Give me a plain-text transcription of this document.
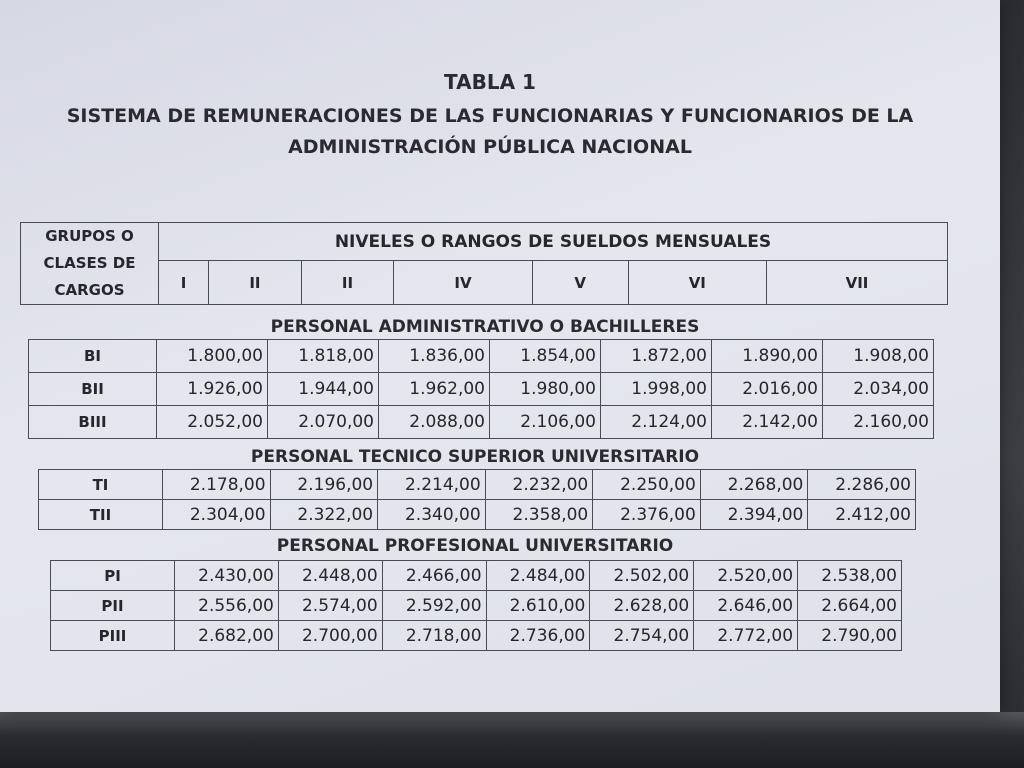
TABLA 1
SISTEMA DE REMUNERACIONES DE LAS FUNCIONARIAS Y FUNCIONARIOS DE LA
ADMINISTRACIÓN PÚBLICA NACIONAL
GRUPOS O
CLASES DE
CARGOS	NIVELES O RANGOS DE SUELDOS MENSUALES						
	I	II	II	IV	V	VI	VII
PERSONAL ADMINISTRATIVO O BACHILLERES
BI	1.800,00	1.818,00	1.836,00	1.854,00	1.872,00	1.890,00	1.908,00
BII	1.926,00	1.944,00	1.962,00	1.980,00	1.998,00	2.016,00	2.034,00
BIII	2.052,00	2.070,00	2.088,00	2.106,00	2.124,00	2.142,00	2.160,00
PERSONAL TECNICO SUPERIOR UNIVERSITARIO
TI	2.178,00	2.196,00	2.214,00	2.232,00	2.250,00	2.268,00	2.286,00
TII	2.304,00	2.322,00	2.340,00	2.358,00	2.376,00	2.394,00	2.412,00
PERSONAL PROFESIONAL UNIVERSITARIO
PI	2.430,00	2.448,00	2.466,00	2.484,00	2.502,00	2.520,00	2.538,00
PII	2.556,00	2.574,00	2.592,00	2.610,00	2.628,00	2.646,00	2.664,00
PIII	2.682,00	2.700,00	2.718,00	2.736,00	2.754,00	2.772,00	2.790,00
